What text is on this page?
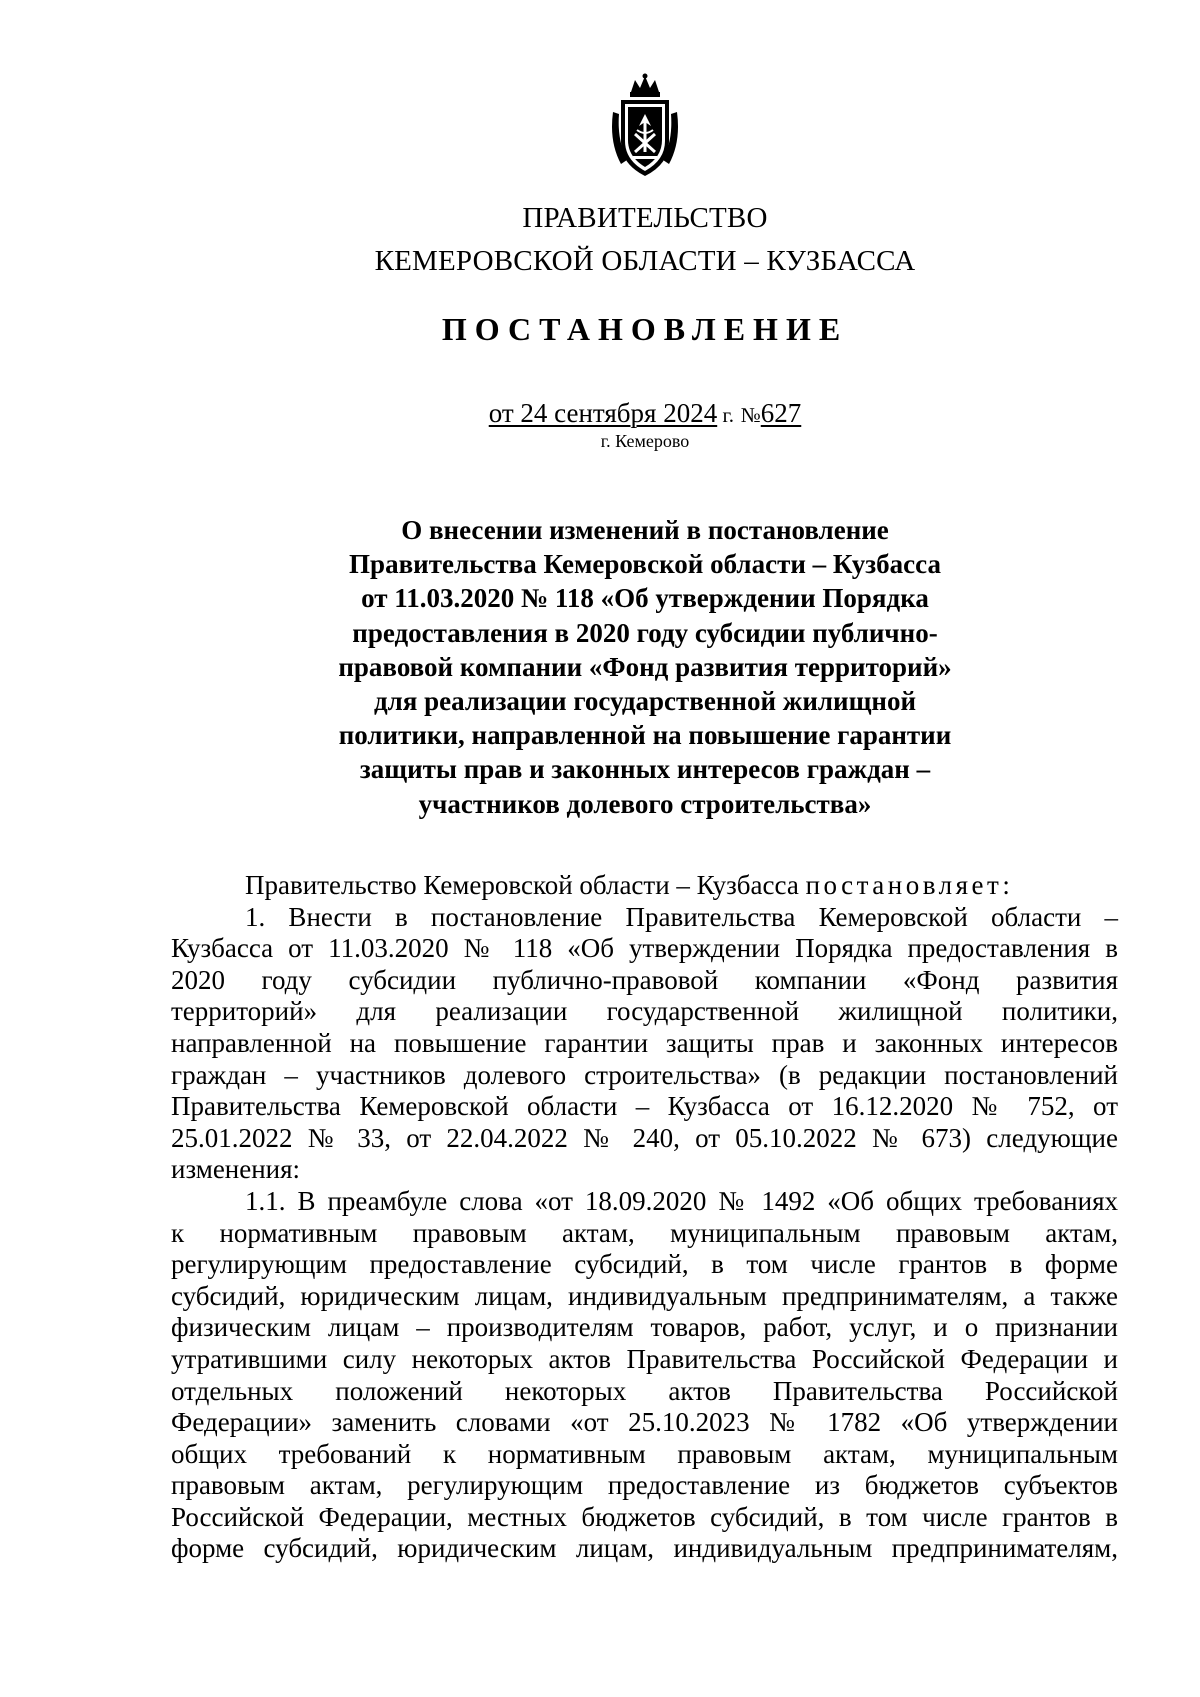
ПРАВИТЕЛЬСТВО
КЕМЕРОВСКОЙ ОБЛАСТИ – КУЗБАССА
ПОСТАНОВЛЕНИЕ
от 24 сентября 2024 г. №627
г. Кемерово
О внесении изменений в постановление
Правительства Кемеровской области – Кузбасса
от 11.03.2020 № 118 «Об утверждении Порядка
предоставления в 2020 году субсидии публично-
правовой компании «Фонд развития территорий»
для реализации государственной жилищной
политики, направленной на повышение гарантии
защиты прав и законных интересов граждан –
участников долевого строительства»
Правительство Кемеровской области – Кузбасса постановляет:
1. Внести в постановление Правительства Кемеровской области –
Кузбасса от 11.03.2020 № 118 «Об утверждении Порядка предоставления в
2020 году субсидии публично-правовой компании «Фонд развития
территорий» для реализации государственной жилищной политики,
направленной на повышение гарантии защиты прав и законных интересов
граждан – участников долевого строительства» (в редакции постановлений
Правительства Кемеровской области – Кузбасса от 16.12.2020 № 752, от
25.01.2022 № 33, от 22.04.2022 № 240, от 05.10.2022 № 673) следующие
изменения:
1.1. В преамбуле слова «от 18.09.2020 № 1492 «Об общих требованиях
к нормативным правовым актам, муниципальным правовым актам,
регулирующим предоставление субсидий, в том числе грантов в форме
субсидий, юридическим лицам, индивидуальным предпринимателям, а также
физическим лицам – производителям товаров, работ, услуг, и о признании
утратившими силу некоторых актов Правительства Российской Федерации и
отдельных положений некоторых актов Правительства Российской
Федерации» заменить словами «от 25.10.2023 № 1782 «Об утверждении
общих требований к нормативным правовым актам, муниципальным
правовым актам, регулирующим предоставление из бюджетов субъектов
Российской Федерации, местных бюджетов субсидий, в том числе грантов в
форме субсидий, юридическим лицам, индивидуальным предпринимателям,
